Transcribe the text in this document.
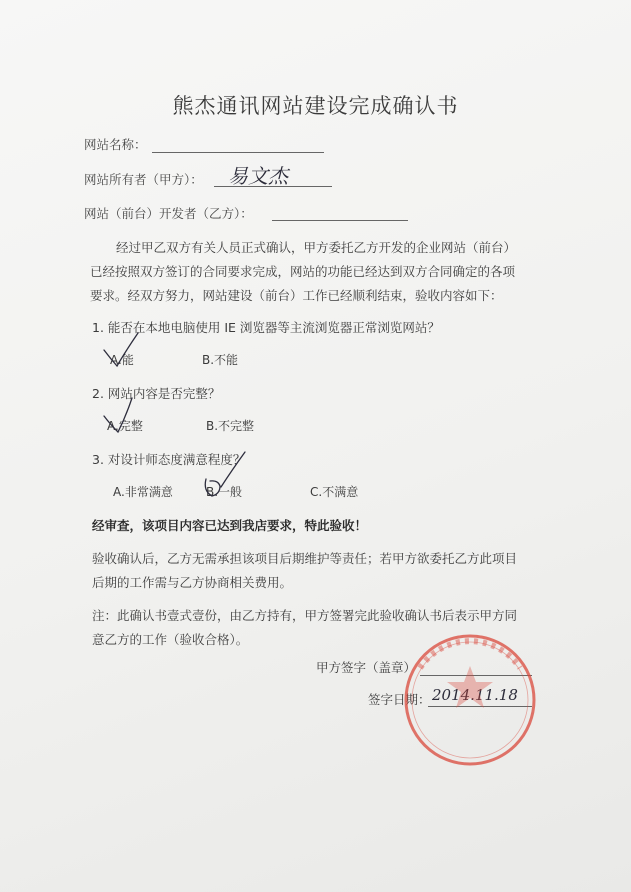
熊杰通讯网站建设完成确认书
网站名称：
网站所有者（甲方）： 易文杰
网站（前台）开发者（乙方）：
经过甲乙双方有关人员正式确认，甲方委托乙方开发的企业网站（前台）
已经按照双方签订的合同要求完成，网站的功能已经达到双方合同确定的各项
要求。经双方努力，网站建设（前台）工作已经顺利结束，验收内容如下：
1. 能否在本地电脑使用 IE 浏览器等主流浏览器正常浏览网站？
A.能	B.不能
2. 网站内容是否完整？
A.完整	B.不完整
3. 对设计师态度满意程度？
A.非常满意	B.一般	C.不满意
经审查，该项目内容已达到我店要求，特此验收！
验收确认后，乙方无需承担该项目后期维护等责任；若甲方欲委托乙方此项目
后期的工作需与乙方协商相关费用。
注：此确认书壹式壹份，由乙方持有，甲方签署完此验收确认书后表示甲方同
意乙方的工作（验收合格）。
甲方签字（盖章）
签字日期： 2014.11.18
